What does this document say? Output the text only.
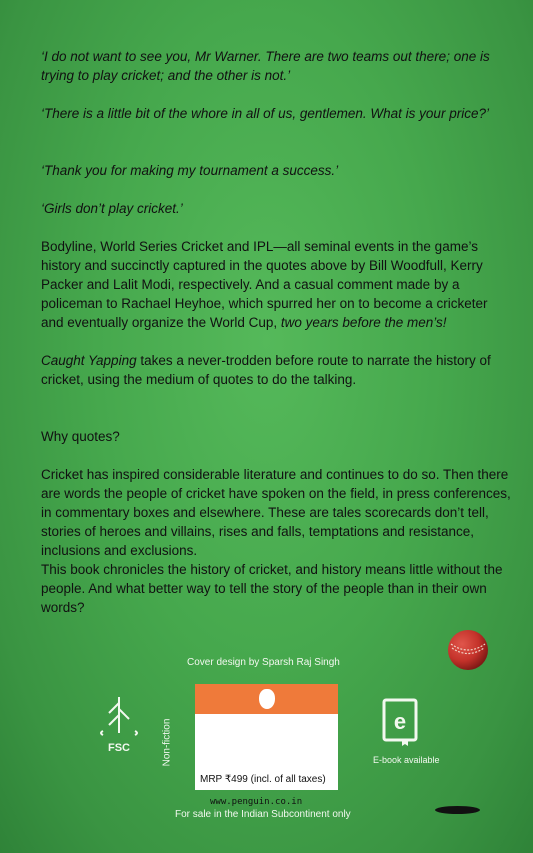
‘I do not want to see you, Mr Warner. There are two teams out there; one is trying to play cricket; and the other is not.’

‘There is a little bit of the whore in all of us, gentlemen. What is your price?’

‘Thank you for making my tournament a success.’

‘Girls don’t play cricket.’

Bodyline, World Series Cricket and IPL—all seminal events in the game’s history and succinctly captured in the quotes above by Bill Woodfull, Kerry Packer and Lalit Modi, respectively. And a casual comment made by a policeman to Rachael Heyhoe, which spurred her on to become a cricketer and eventually organize the World Cup, two years before the men’s!

Caught Yapping takes a never-trodden before route to narrate the history of cricket, using the medium of quotes to do the talking.

Why quotes?

Cricket has inspired considerable literature and continues to do so. Then there are words the people of cricket have spoken on the field, in press conferences, in commentary boxes and elsewhere. These are tales scorecards don’t tell, stories of heroes and villains, rises and falls, temptations and resistance, inclusions and exclusions.

This book chronicles the history of cricket, and history means little without the people. And what better way to tell the story of the people than in their own words?

Cover design by Sparsh Raj Singh
FSC	Non-fiction
MRP ₹499 (incl. of all taxes)
www.penguin.co.in
For sale in the Indian Subcontinent only
e
E-book available
